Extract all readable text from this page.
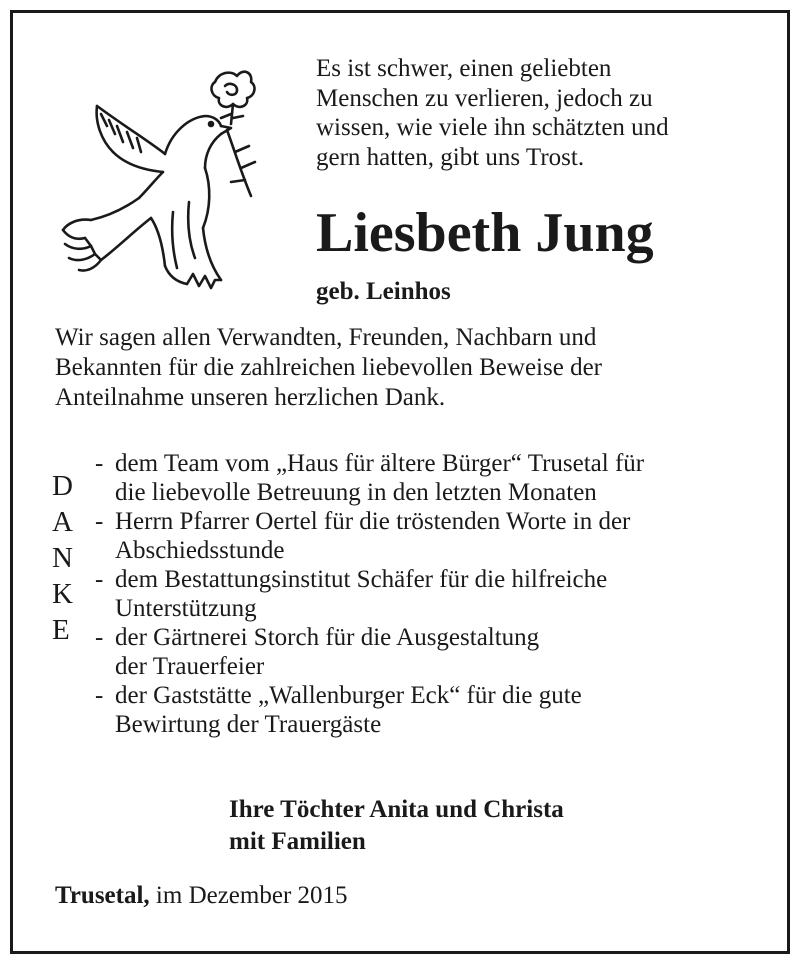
Es ist schwer, einen geliebten
Menschen zu verlieren, jedoch zu
wissen, wie viele ihn schätzten und
gern hatten, gibt uns Trost.
Liesbeth Jung
geb. Leinhos
Wir sagen allen Verwandten, Freunden, Nachbarn und
Bekannten für die zahlreichen liebevollen Beweise der
Anteilnahme unseren herzlichen Dank.
D
A
N
K
E
- dem Team vom „Haus für ältere Bürger“ Trusetal für
die liebevolle Betreuung in den letzten Monaten
- Herrn Pfarrer Oertel für die tröstenden Worte in der
Abschiedsstunde
- dem Bestattungsinstitut Schäfer für die hilfreiche
Unterstützung
- der Gärtnerei Storch für die Ausgestaltung
der Trauerfeier
- der Gaststätte „Wallenburger Eck“ für die gute
Bewirtung der Trauergäste
Ihre Töchter Anita und Christa
mit Familien
Trusetal, im Dezember 2015
